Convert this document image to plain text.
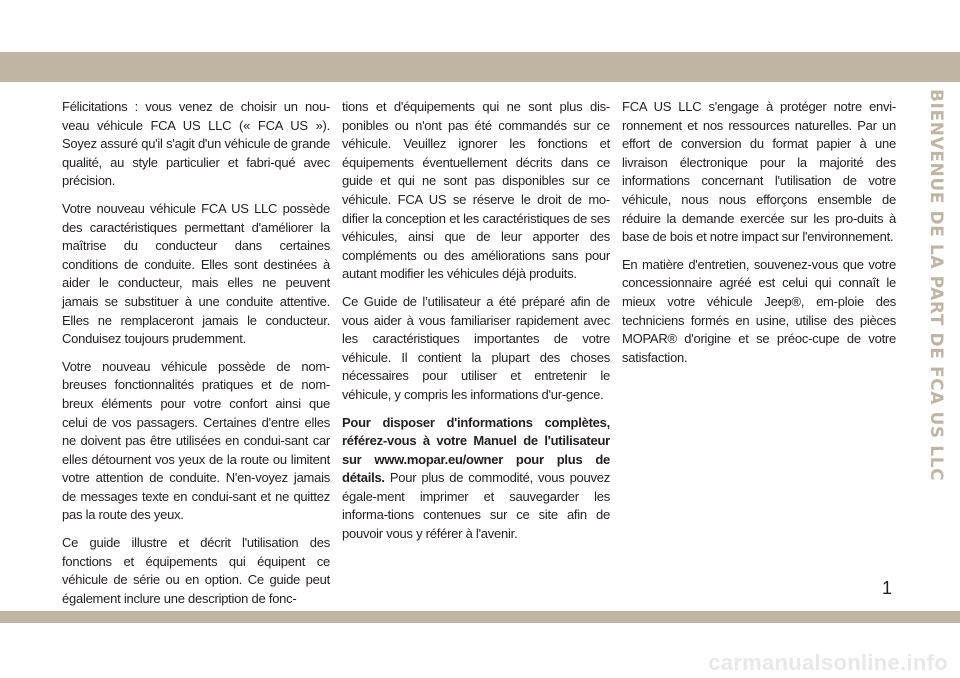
Félicitations : vous venez de choisir un nou-veau véhicule FCA US LLC (« FCA US »). Soyez assuré qu'il s'agit d'un véhicule de grande qualité, au style particulier et fabri-qué avec précision.

Votre nouveau véhicule FCA US LLC possède des caractéristiques permettant d'améliorer la maîtrise du conducteur dans certaines conditions de conduite. Elles sont destinées à aider le conducteur, mais elles ne peuvent jamais se substituer à une conduite attentive. Elles ne remplaceront jamais le conducteur. Conduisez toujours prudemment.

Votre nouveau véhicule possède de nom-breuses fonctionnalités pratiques et de nom-breux éléments pour votre confort ainsi que celui de vos passagers. Certaines d'entre elles ne doivent pas être utilisées en condui-sant car elles détournent vos yeux de la route ou limitent votre attention de conduite. N'en-voyez jamais de messages texte en condui-sant et ne quittez pas la route des yeux.

Ce guide illustre et décrit l'utilisation des fonctions et équipements qui équipent ce véhicule de série ou en option. Ce guide peut également inclure une description de fonc-

tions et d'équipements qui ne sont plus dis-ponibles ou n'ont pas été commandés sur ce véhicule. Veuillez ignorer les fonctions et équipements éventuellement décrits dans ce guide et qui ne sont pas disponibles sur ce véhicule. FCA US se réserve le droit de mo-difier la conception et les caractéristiques de ses véhicules, ainsi que de leur apporter des compléments ou des améliorations sans pour autant modifier les véhicules déjà produits.

Ce Guide de l’utilisateur a été préparé afin de vous aider à vous familiariser rapidement avec les caractéristiques importantes de votre véhicule. Il contient la plupart des choses nécessaires pour utiliser et entretenir le véhicule, y compris les informations d'ur-gence.

Pour disposer d'informations complètes, référez-vous à votre Manuel de l'utilisateur sur www.mopar.eu/owner pour plus de détails. Pour plus de commodité, vous pouvez égale-ment imprimer et sauvegarder les informa-tions contenues sur ce site afin de pouvoir vous y référer à l'avenir.

FCA US LLC s'engage à protéger notre envi-ronnement et nos ressources naturelles. Par un effort de conversion du format papier à une livraison électronique pour la majorité des informations concernant l'utilisation de votre véhicule, nous nous efforçons ensemble de réduire la demande exercée sur les pro-duits à base de bois et notre impact sur l'environnement.

En matière d'entretien, souvenez-vous que votre concessionnaire agréé est celui qui connaît le mieux votre véhicule Jeep®, em-ploie des techniciens formés en usine, utilise des pièces MOPAR® d'origine et se préoc-cupe de votre satisfaction.	BIENVENUE DE LA PART DE FCA US LLC
1
carmanualsonline.info
